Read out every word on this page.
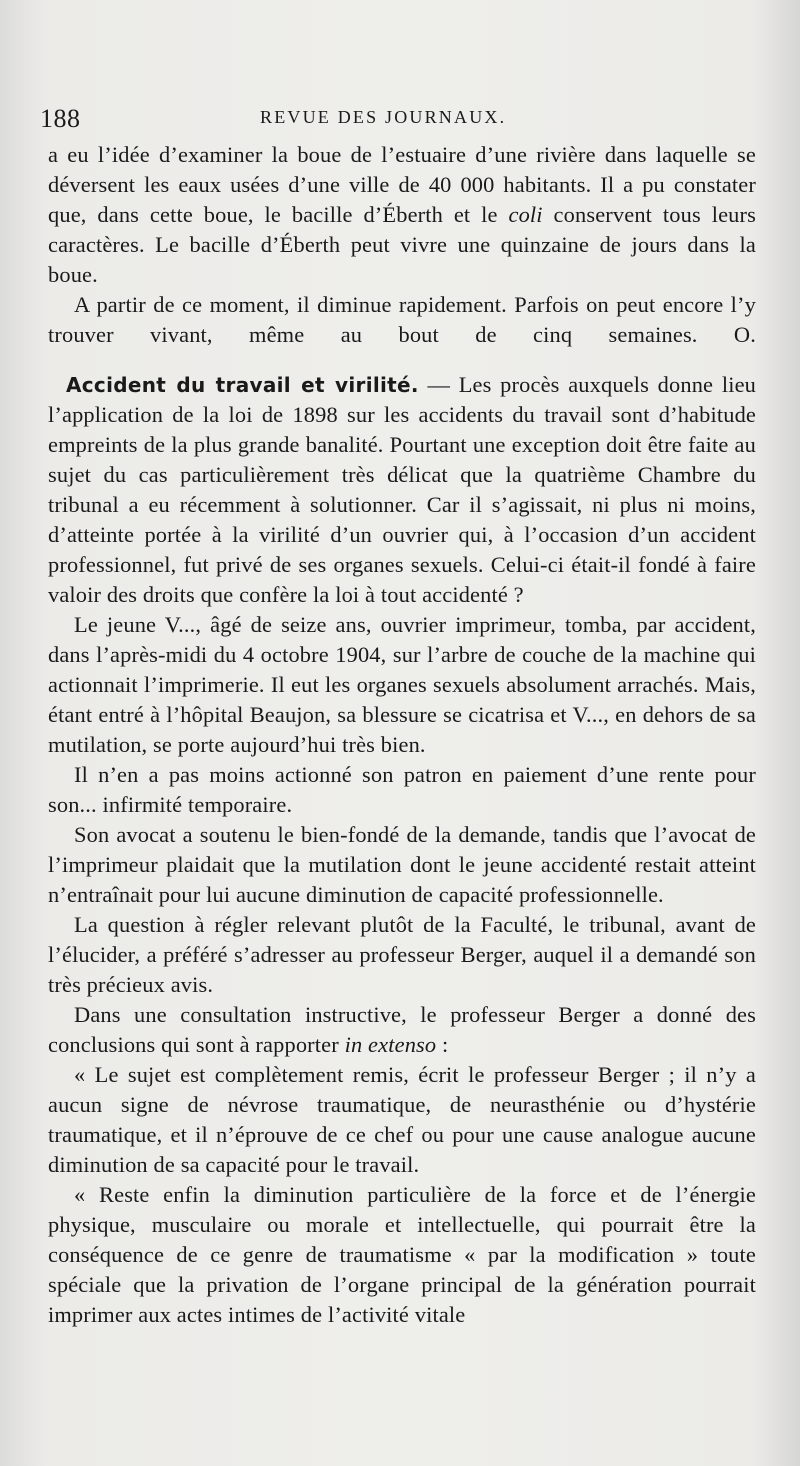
188	REVUE DES JOURNAUX.

a eu l’idée d’examiner la boue de l’estuaire d’une rivière dans laquelle se déversent les eaux usées d’une ville de 40 000 habitants. Il a pu constater que, dans cette boue, le bacille d’Éberth et le coli conservent tous leurs caractères. Le bacille d’Éberth peut vivre une quinzaine de jours dans la boue.

A partir de ce moment, il diminue rapidement. Parfois on peut encore l’y trouver vivant, même au bout de cinq semaines. O.

Accident du travail et virilité. — Les procès auxquels donne lieu l’application de la loi de 1898 sur les accidents du travail sont d’habitude empreints de la plus grande banalité. Pourtant une exception doit être faite au sujet du cas particulièrement très délicat que la quatrième Chambre du tribunal a eu récemment à solutionner. Car il s’agissait, ni plus ni moins, d’atteinte portée à la virilité d’un ouvrier qui, à l’occasion d’un accident professionnel, fut privé de ses organes sexuels. Celui-ci était-il fondé à faire valoir des droits que confère la loi à tout accidenté ?

Le jeune V..., âgé de seize ans, ouvrier imprimeur, tomba, par accident, dans l’après-midi du 4 octobre 1904, sur l’arbre de couche de la machine qui actionnait l’imprimerie. Il eut les organes sexuels absolument arrachés. Mais, étant entré à l’hôpital Beaujon, sa blessure se cicatrisa et V..., en dehors de sa mutilation, se porte aujourd’hui très bien.

Il n’en a pas moins actionné son patron en paiement d’une rente pour son... infirmité temporaire.

Son avocat a soutenu le bien-fondé de la demande, tandis que l’avocat de l’imprimeur plaidait que la mutilation dont le jeune accidenté restait atteint n’entraînait pour lui aucune diminution de capacité professionnelle.

La question à régler relevant plutôt de la Faculté, le tribunal, avant de l’élucider, a préféré s’adresser au professeur Berger, auquel il a demandé son très précieux avis.

Dans une consultation instructive, le professeur Berger a donné des conclusions qui sont à rapporter in extenso :

« Le sujet est complètement remis, écrit le professeur Berger ; il n’y a aucun signe de névrose traumatique, de neurasthénie ou d’hystérie traumatique, et il n’éprouve de ce chef ou pour une cause analogue aucune diminution de sa capacité pour le travail.

« Reste enfin la diminution particulière de la force et de l’énergie physique, musculaire ou morale et intellectuelle, qui pourrait être la conséquence de ce genre de traumatisme « par la modification » toute spéciale que la privation de l’organe principal de la génération pourrait imprimer aux actes intimes de l’activité vitale
